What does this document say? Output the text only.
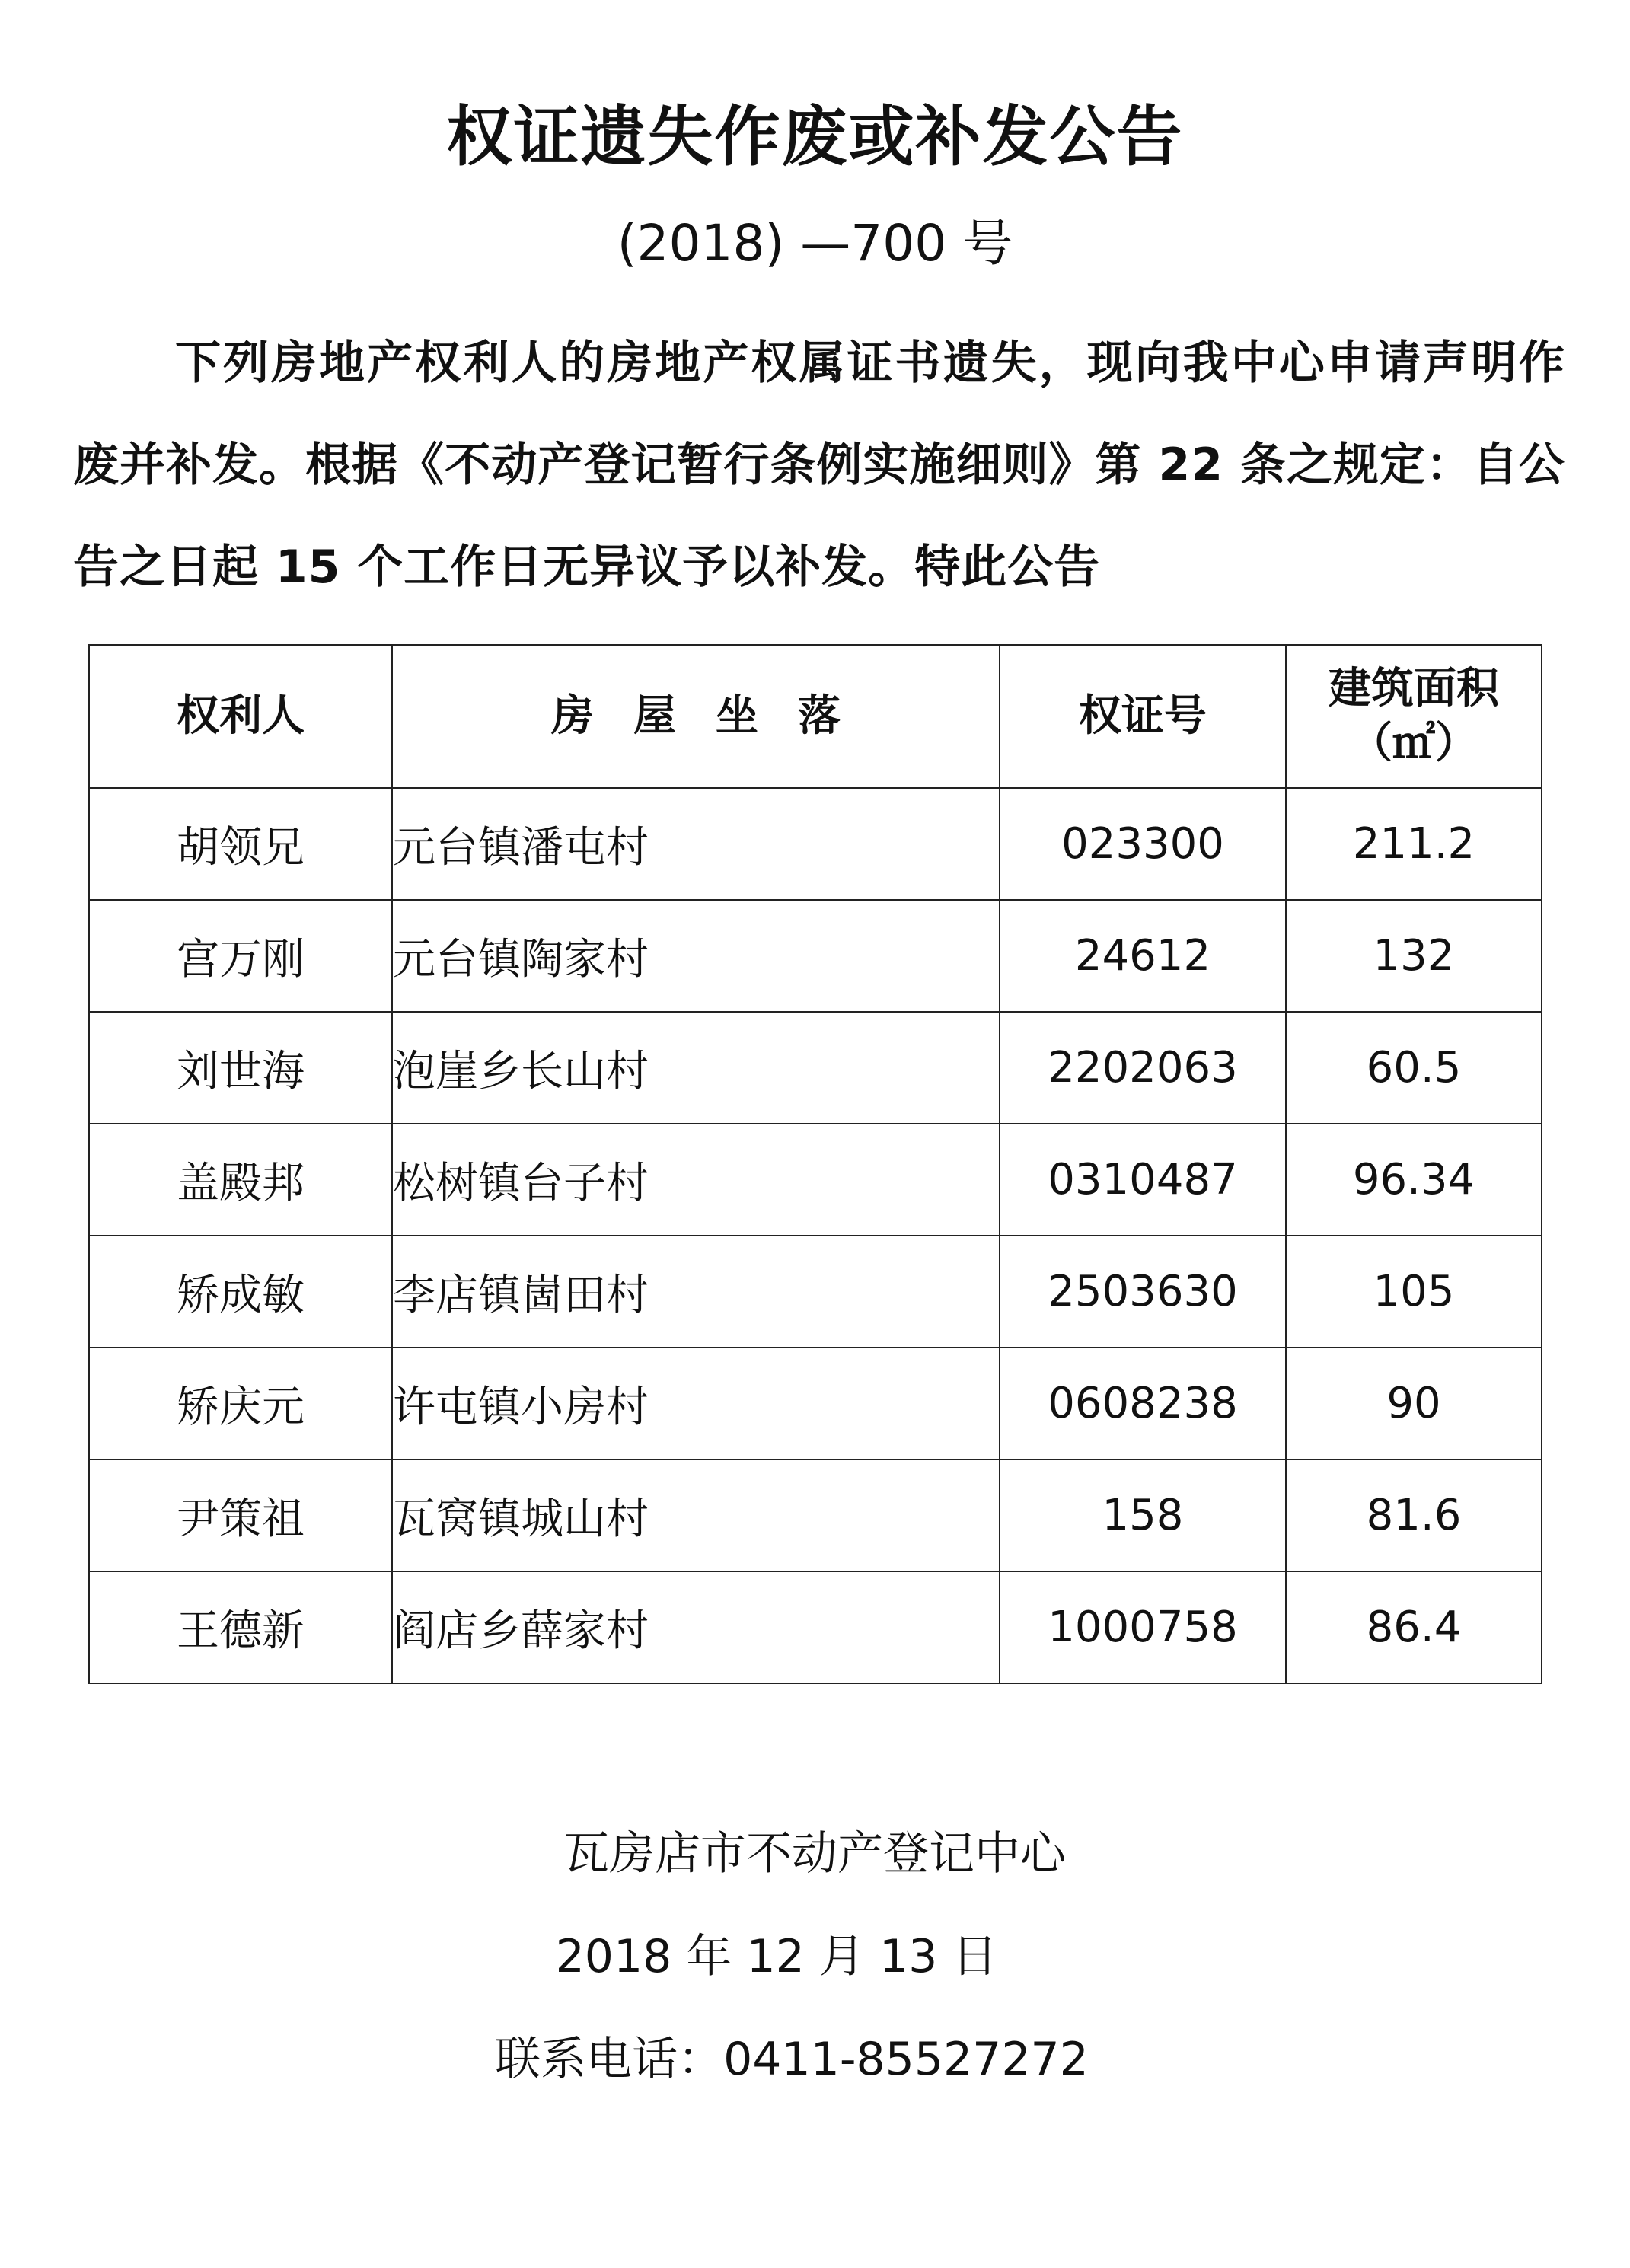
权证遗失作废或补发公告
(2018) —700 号
下列房地产权利人的房地产权属证书遗失，现向我中心申请声明作废并补发。根据《不动产登记暂行条例实施细则》第 22 条之规定：自公告之日起 15 个工作日无异议予以补发。特此公告
权利人	房屋坐落	权证号	建筑面积
（㎡）

胡领兄	元台镇潘屯村	023300	211.2
宫万刚	元台镇陶家村	24612	132
刘世海	泡崖乡长山村	2202063	60.5
盖殿邦	松树镇台子村	0310487	96.34
矫成敏	李店镇崮田村	2503630	105
矫庆元	许屯镇小房村	0608238	90
尹策祖	瓦窝镇城山村	158	81.6
王德新	阎店乡薛家村	1000758	86.4
瓦房店市不动产登记中心
2018 年 12 月 13 日
联系电话：0411-85527272
